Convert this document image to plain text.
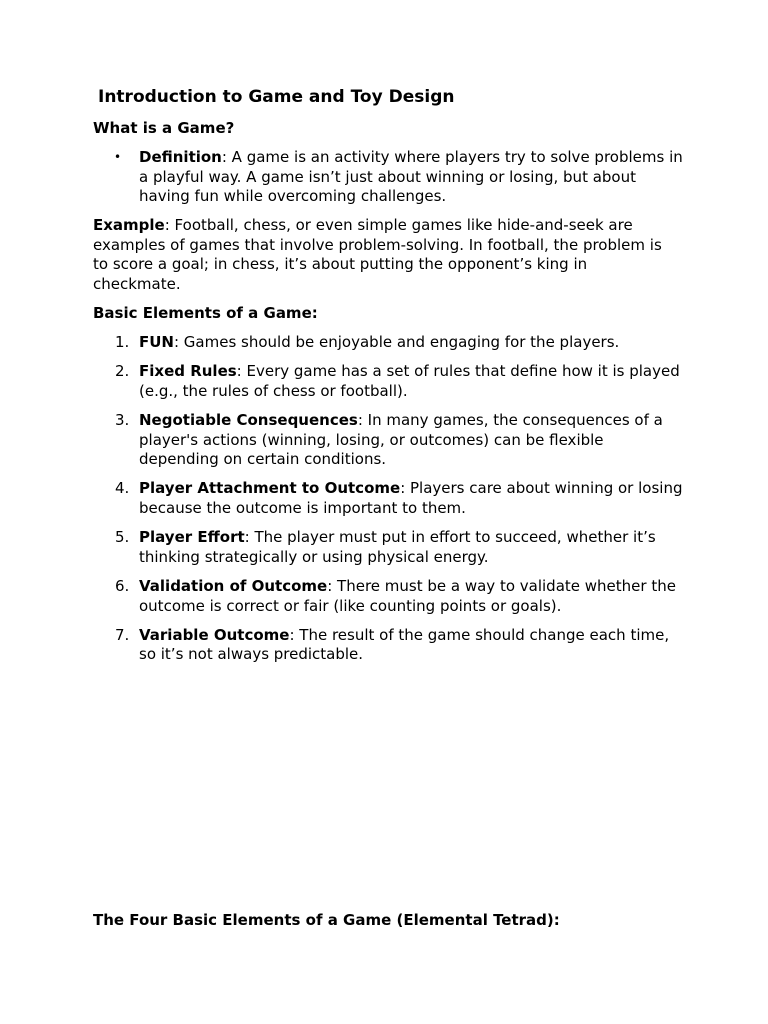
Introduction to Game and Toy Design
What is a Game?
• Definition: A game is an activity where players try to solve problems in a playful way. A game isn’t just about winning or losing, but about having fun while overcoming challenges.
Example: Football, chess, or even simple games like hide-and-seek are examples of games that involve problem-solving. In football, the problem is to score a goal; in chess, it’s about putting the opponent’s king in checkmate.
Basic Elements of a Game:
1. FUN: Games should be enjoyable and engaging for the players.
2. Fixed Rules: Every game has a set of rules that define how it is played (e.g., the rules of chess or football).
3. Negotiable Consequences: In many games, the consequences of a player's actions (winning, losing, or outcomes) can be flexible depending on certain conditions.
4. Player Attachment to Outcome: Players care about winning or losing because the outcome is important to them.
5. Player Effort: The player must put in effort to succeed, whether it’s thinking strategically or using physical energy.
6. Validation of Outcome: There must be a way to validate whether the outcome is correct or fair (like counting points or goals).
7. Variable Outcome: The result of the game should change each time, so it’s not always predictable.
The Four Basic Elements of a Game (Elemental Tetrad):
